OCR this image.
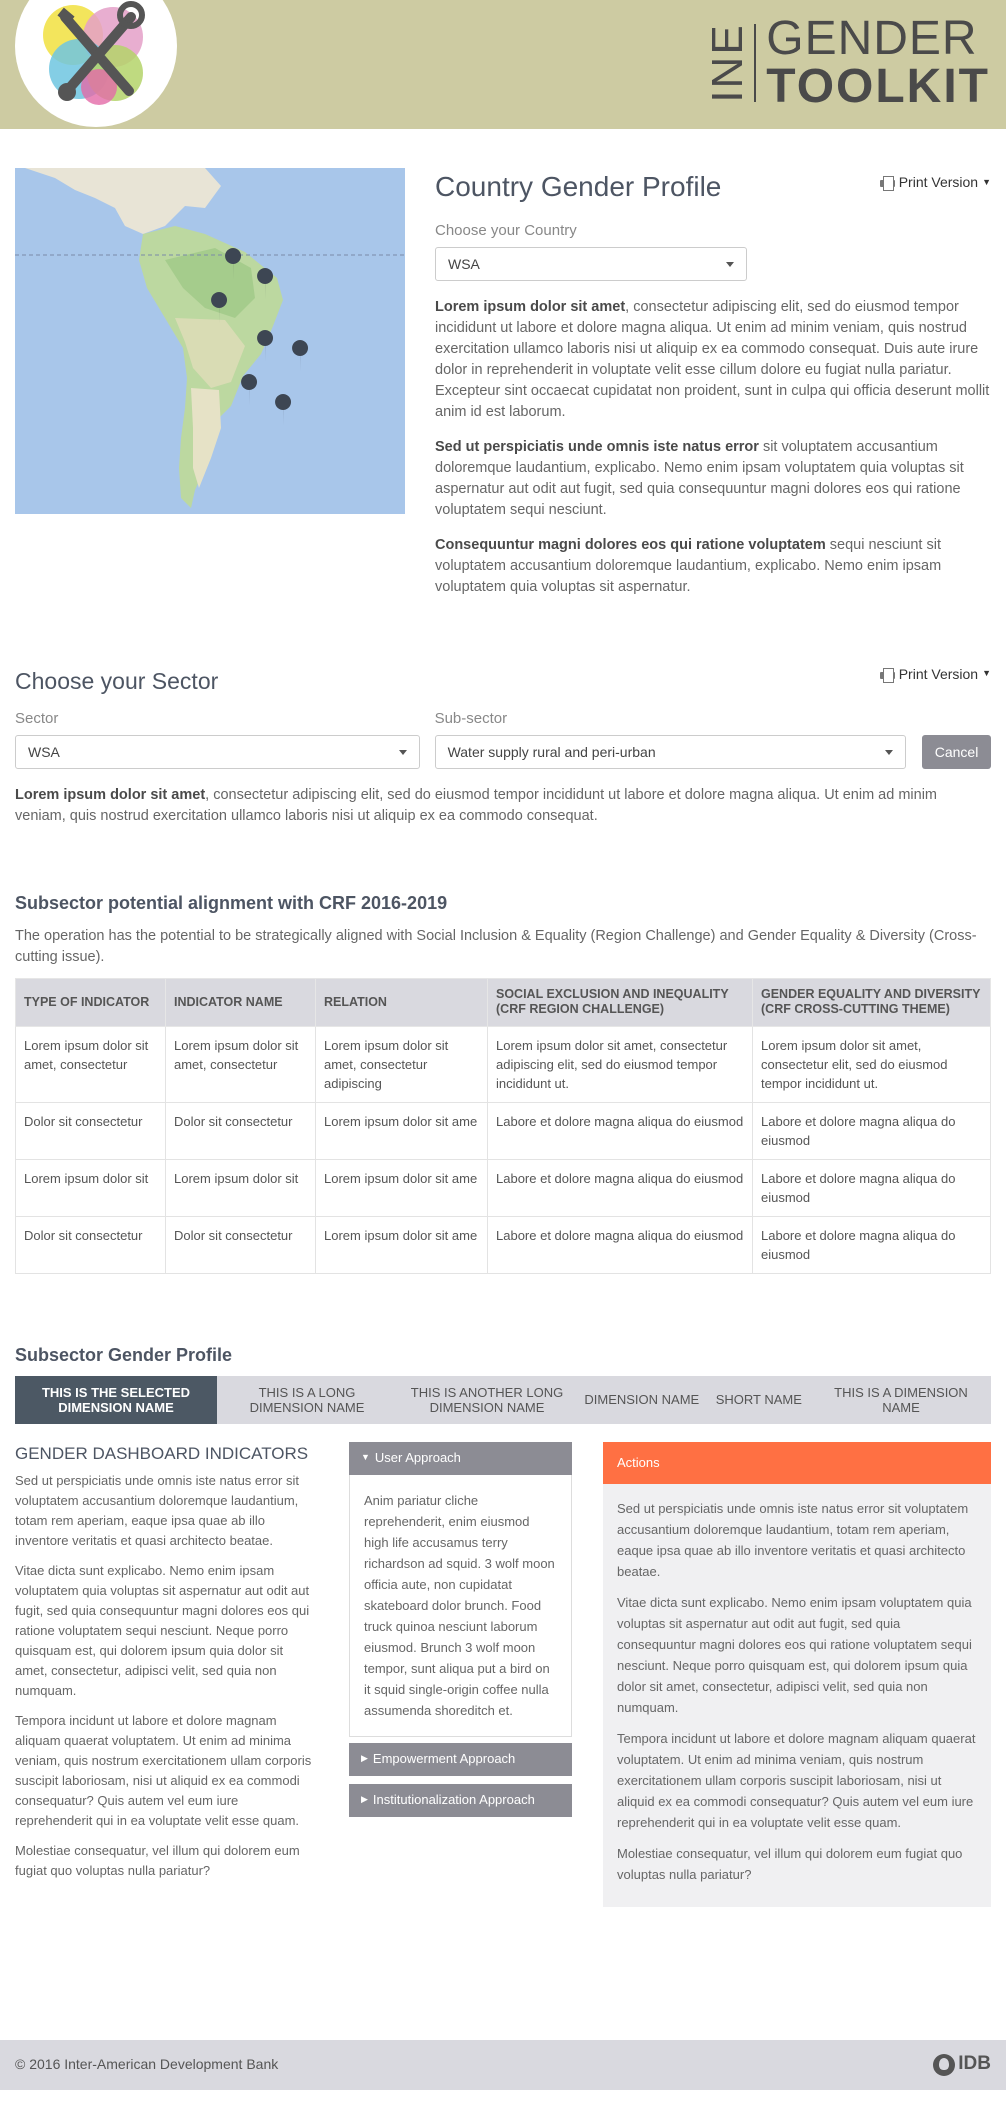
INE GENDER
TOOLKIT
Country Gender Profile	Print Version ▼
Choose your Country
WSA

Lorem ipsum dolor sit amet, consectetur adipiscing elit, sed do eiusmod tempor incididunt ut labore et dolore magna aliqua. Ut enim ad minim veniam, quis nostrud exercitation ullamco laboris nisi ut aliquip ex ea commodo consequat. Duis aute irure dolor in reprehenderit in voluptate velit esse cillum dolore eu fugiat nulla pariatur. Excepteur sint occaecat cupidatat non proident, sunt in culpa qui officia deserunt mollit anim id est laborum.

Sed ut perspiciatis unde omnis iste natus error sit voluptatem accusantium doloremque laudantium, explicabo. Nemo enim ipsam voluptatem quia voluptas sit aspernatur aut odit aut fugit, sed quia consequuntur magni dolores eos qui ratione voluptatem sequi nesciunt.

Consequuntur magni dolores eos qui ratione voluptatem sequi nesciunt sit voluptatem accusantium doloremque laudantium, explicabo. Nemo enim ipsam voluptatem quia voluptas sit aspernatur.

Choose your Sector	Print Version ▼
Sector
WSA
Sub-sector
Water supply rural and peri-urban	Cancel

Lorem ipsum dolor sit amet, consectetur adipiscing elit, sed do eiusmod tempor incididunt ut labore et dolore magna aliqua. Ut enim ad minim veniam, quis nostrud exercitation ullamco laboris nisi ut aliquip ex ea commodo consequat.

Subsector potential alignment with CRF 2016-2019

The operation has the potential to be strategically aligned with Social Inclusion & Equality (Region Challenge) and Gender Equality & Diversity (Cross-cutting issue).

TYPE OF INDICATOR	INDICATOR NAME	RELATION	SOCIAL EXCLUSION AND INEQUALITY (CRF REGION CHALLENGE)	GENDER EQUALITY AND DIVERSITY (CRF CROSS-CUTTING THEME)
Lorem ipsum dolor sit amet, consectetur	Lorem ipsum dolor sit amet, consectetur	Lorem ipsum dolor sit amet, consectetur adipiscing	Lorem ipsum dolor sit amet, consectetur adipiscing elit, sed do eiusmod tempor incididunt ut.	Lorem ipsum dolor sit amet, consectetur elit, sed do eiusmod tempor incididunt ut.
Dolor sit consectetur	Dolor sit consectetur	Lorem ipsum dolor sit ame	Labore et dolore magna aliqua do eiusmod	Labore et dolore magna aliqua do eiusmod
Lorem ipsum dolor sit	Lorem ipsum dolor sit	Lorem ipsum dolor sit ame	Labore et dolore magna aliqua do eiusmod	Labore et dolore magna aliqua do eiusmod
Dolor sit consectetur	Dolor sit consectetur	Lorem ipsum dolor sit ame	Labore et dolore magna aliqua do eiusmod	Labore et dolore magna aliqua do eiusmod
Subsector Gender Profile
THIS IS THE SELECTED DIMENSION NAME
THIS IS A LONG DIMENSION NAME
THIS IS ANOTHER LONG DIMENSION NAME	DIMENSION NAME	SHORT NAME	THIS IS A DIMENSION NAME
GENDER DASHBOARD INDICATORS

Sed ut perspiciatis unde omnis iste natus error sit voluptatem accusantium doloremque laudantium, totam rem aperiam, eaque ipsa quae ab illo inventore veritatis et quasi architecto beatae.

Vitae dicta sunt explicabo. Nemo enim ipsam voluptatem quia voluptas sit aspernatur aut odit aut fugit, sed quia consequuntur magni dolores eos qui ratione voluptatem sequi nesciunt. Neque porro quisquam est, qui dolorem ipsum quia dolor sit amet, consectetur, adipisci velit, sed quia non numquam.

Tempora incidunt ut labore et dolore magnam aliquam quaerat voluptatem. Ut enim ad minima veniam, quis nostrum exercitationem ullam corporis suscipit laboriosam, nisi ut aliquid ex ea commodi consequatur? Quis autem vel eum iure reprehenderit qui in ea voluptate velit esse quam.

Molestiae consequatur, vel illum qui dolorem eum fugiat quo voluptas nulla pariatur?

▼ User Approach
Anim pariatur cliche reprehenderit, enim eiusmod high life accusamus terry richardson ad squid. 3 wolf moon officia aute, non cupidatat skateboard dolor brunch. Food truck quinoa nesciunt laborum eiusmod. Brunch 3 wolf moon tempor, sunt aliqua put a bird on it squid single-origin coffee nulla assumenda shoreditch et.
▶ Empowerment Approach
▶ Institutionalization Approach
Actions

Sed ut perspiciatis unde omnis iste natus error sit voluptatem accusantium doloremque laudantium, totam rem aperiam, eaque ipsa quae ab illo inventore veritatis et quasi architecto beatae.

Vitae dicta sunt explicabo. Nemo enim ipsam voluptatem quia voluptas sit aspernatur aut odit aut fugit, sed quia consequuntur magni dolores eos qui ratione voluptatem sequi nesciunt. Neque porro quisquam est, qui dolorem ipsum quia dolor sit amet, consectetur, adipisci velit, sed quia non numquam.

Tempora incidunt ut labore et dolore magnam aliquam quaerat voluptatem. Ut enim ad minima veniam, quis nostrum exercitationem ullam corporis suscipit laboriosam, nisi ut aliquid ex ea commodi consequatur? Quis autem vel eum iure reprehenderit qui in ea voluptate velit esse quam.

Molestiae consequatur, vel illum qui dolorem eum fugiat quo voluptas nulla pariatur?

© 2016 Inter-American Development Bank	IDB
